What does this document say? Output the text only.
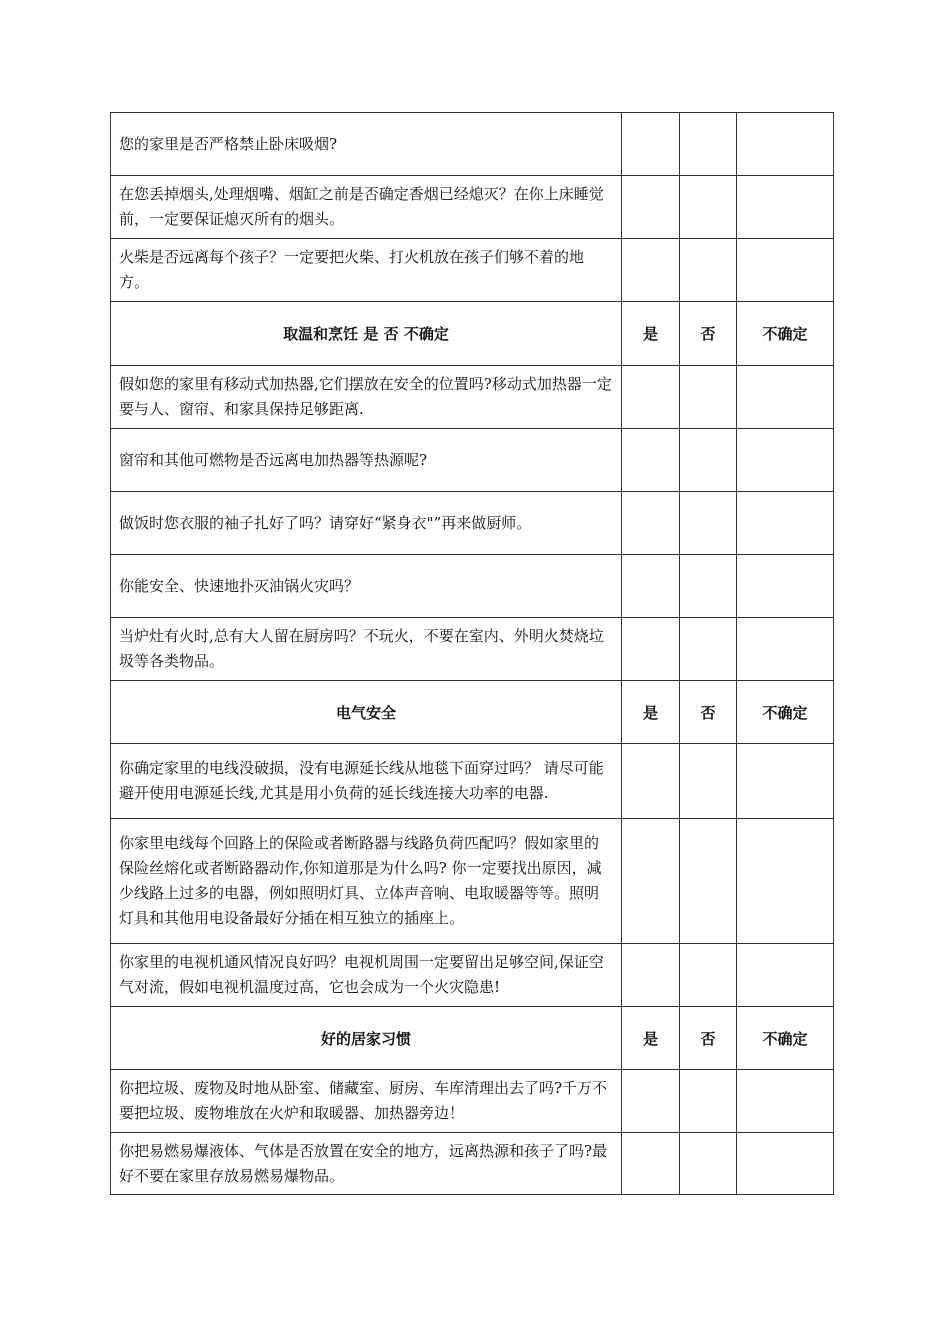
您的家里是否严格禁止卧床吸烟?			
在您丢掉烟头,处理烟嘴、烟缸之前是否确定香烟已经熄灭？在你上床睡觉前，一定要保证熄灭所有的烟头。			
火柴是否远离每个孩子？一定要把火柴、打火机放在孩子们够不着的地方。			
取温和烹饪 是 否 不确定	是	否	不确定
假如您的家里有移动式加热器,它们摆放在安全的位置吗?移动式加热器一定要与人、窗帘、和家具保持足够距离.			
窗帘和其他可燃物是否远离电加热器等热源呢?			
做饭时您衣服的袖子扎好了吗？请穿好“紧身衣"”再来做厨师。			
你能安全、快速地扑灭油锅火灾吗？			
当炉灶有火时,总有大人留在厨房吗？不玩火，不要在室内、外明火焚烧垃圾等各类物品。			
电气安全	是	否	不确定
你确定家里的电线没破损，没有电源延长线从地毯下面穿过吗？ 请尽可能避开使用电源延长线,尤其是用小负荷的延长线连接大功率的电器.			
你家里电线每个回路上的保险或者断路器与线路负荷匹配吗？假如家里的保险丝熔化或者断路器动作,你知道那是为什么吗? 你一定要找出原因，减少线路上过多的电器，例如照明灯具、立体声音响、电取暖器等等。照明灯具和其他用电设备最好分插在相互独立的插座上。			
你家里的电视机通风情况良好吗？电视机周围一定要留出足够空间,保证空气对流，假如电视机温度过高，它也会成为一个火灾隐患!			
好的居家习惯	是	否	不确定
你把垃圾、废物及时地从卧室、储藏室、厨房、车库清理出去了吗?千万不要把垃圾、废物堆放在火炉和取暖器、加热器旁边！			
你把易燃易爆液体、气体是否放置在安全的地方，远离热源和孩子了吗?最好不要在家里存放易燃易爆物品。			
